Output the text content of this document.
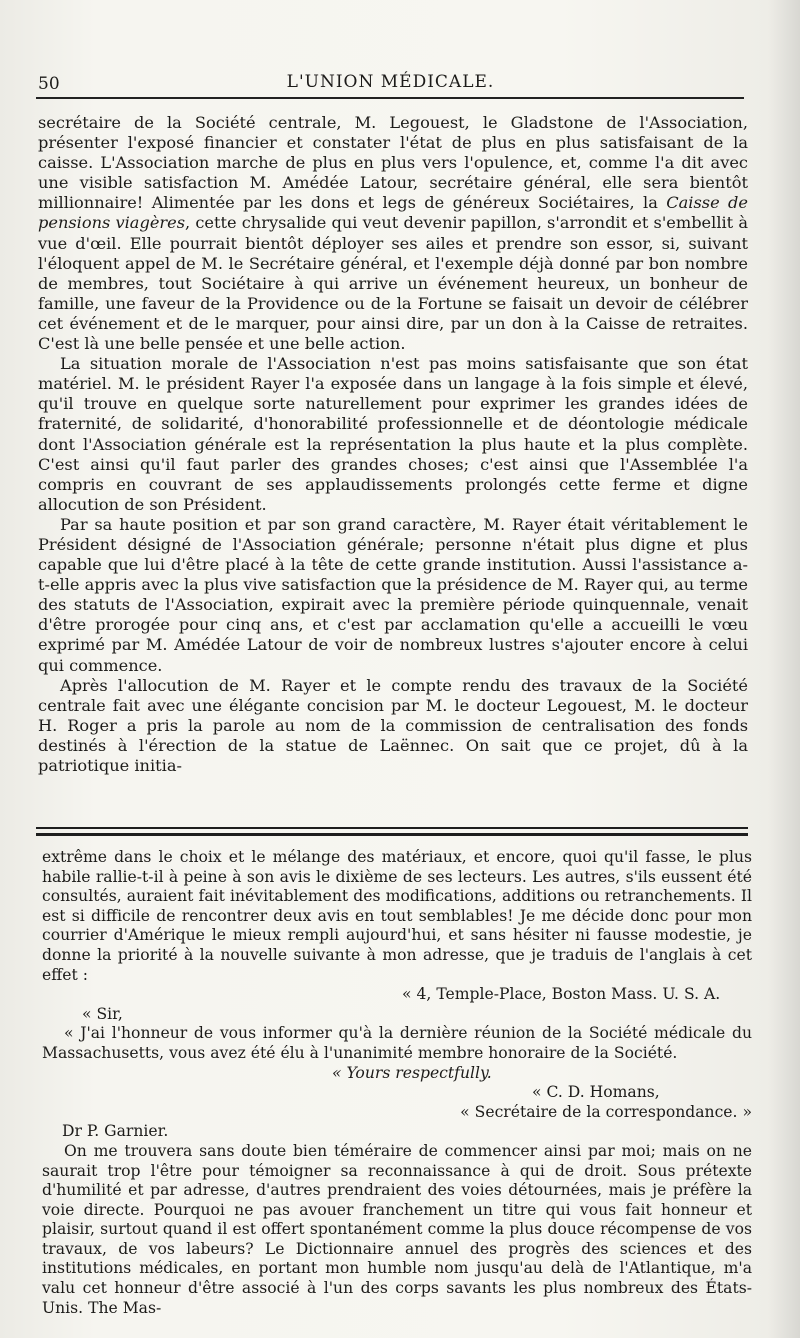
50	L'UNION MÉDICALE.

secrétaire de la Société centrale, M. Legouest, le Gladstone de l'Association, présenter l'exposé financier et constater l'état de plus en plus satisfaisant de la caisse. L'Association marche de plus en plus vers l'opulence, et, comme l'a dit avec une visible satisfaction M. Amédée Latour, secrétaire général, elle sera bientôt millionnaire! Alimentée par les dons et legs de généreux Sociétaires, la Caisse de pensions viagères, cette chrysalide qui veut devenir papillon, s'arrondit et s'embellit à vue d'œil. Elle pourrait bientôt déployer ses ailes et prendre son essor, si, suivant l'éloquent appel de M. le Secrétaire général, et l'exemple déjà donné par bon nombre de membres, tout Sociétaire à qui arrive un événement heureux, un bonheur de famille, une faveur de la Providence ou de la Fortune se faisait un devoir de célébrer cet événement et de le marquer, pour ainsi dire, par un don à la Caisse de retraites. C'est là une belle pensée et une belle action.

La situation morale de l'Association n'est pas moins satisfaisante que son état matériel. M. le président Rayer l'a exposée dans un langage à la fois simple et élevé, qu'il trouve en quelque sorte naturellement pour exprimer les grandes idées de fraternité, de solidarité, d'honorabilité professionnelle et de déontologie médicale dont l'Association générale est la représentation la plus haute et la plus complète. C'est ainsi qu'il faut parler des grandes choses; c'est ainsi que l'Assemblée l'a compris en couvrant de ses applaudissements prolongés cette ferme et digne allocution de son Président.

Par sa haute position et par son grand caractère, M. Rayer était véritablement le Président désigné de l'Association générale; personne n'était plus digne et plus capable que lui d'être placé à la tête de cette grande institution. Aussi l'assistance a-t-elle appris avec la plus vive satisfaction que la présidence de M. Rayer qui, au terme des statuts de l'Association, expirait avec la première période quinquennale, venait d'être prorogée pour cinq ans, et c'est par acclamation qu'elle a accueilli le vœu exprimé par M. Amédée Latour de voir de nombreux lustres s'ajouter encore à celui qui commence.

Après l'allocution de M. Rayer et le compte rendu des travaux de la Société centrale fait avec une élégante concision par M. le docteur Legouest, M. le docteur H. Roger a pris la parole au nom de la commission de centralisation des fonds destinés à l'érection de la statue de Laënnec. On sait que ce projet, dû à la patriotique initia-

extrême dans le choix et le mélange des matériaux, et encore, quoi qu'il fasse, le plus habile rallie-t-il à peine à son avis le dixième de ses lecteurs. Les autres, s'ils eussent été consultés, auraient fait inévitablement des modifications, additions ou retranchements. Il est si difficile de rencontrer deux avis en tout semblables! Je me décide donc pour mon courrier d'Amérique le mieux rempli aujourd'hui, et sans hésiter ni fausse modestie, je donne la priorité à la nouvelle suivante à mon adresse, que je traduis de l'anglais à cet effet :

« 4, Temple-Place, Boston Mass. U. S. A.
« Sir,

« J'ai l'honneur de vous informer qu'à la dernière réunion de la Société médicale du Massachusetts, vous avez été élu à l'unanimité membre honoraire de la Société.

« Yours respectfully.
« C. D. Homans,
« Secrétaire de la correspondance. »
Dr P. Garnier.

On me trouvera sans doute bien téméraire de commencer ainsi par moi; mais on ne saurait trop l'être pour témoigner sa reconnaissance à qui de droit. Sous prétexte d'humilité et par adresse, d'autres prendraient des voies détournées, mais je préfère la voie directe. Pourquoi ne pas avouer franchement un titre qui vous fait honneur et plaisir, surtout quand il est offert spontanément comme la plus douce récompense de vos travaux, de vos labeurs? Le Dictionnaire annuel des progrès des sciences et des institutions médicales, en portant mon humble nom jusqu'au delà de l'Atlantique, m'a valu cet honneur d'être associé à l'un des corps savants les plus nombreux des États-Unis. The Mas-
